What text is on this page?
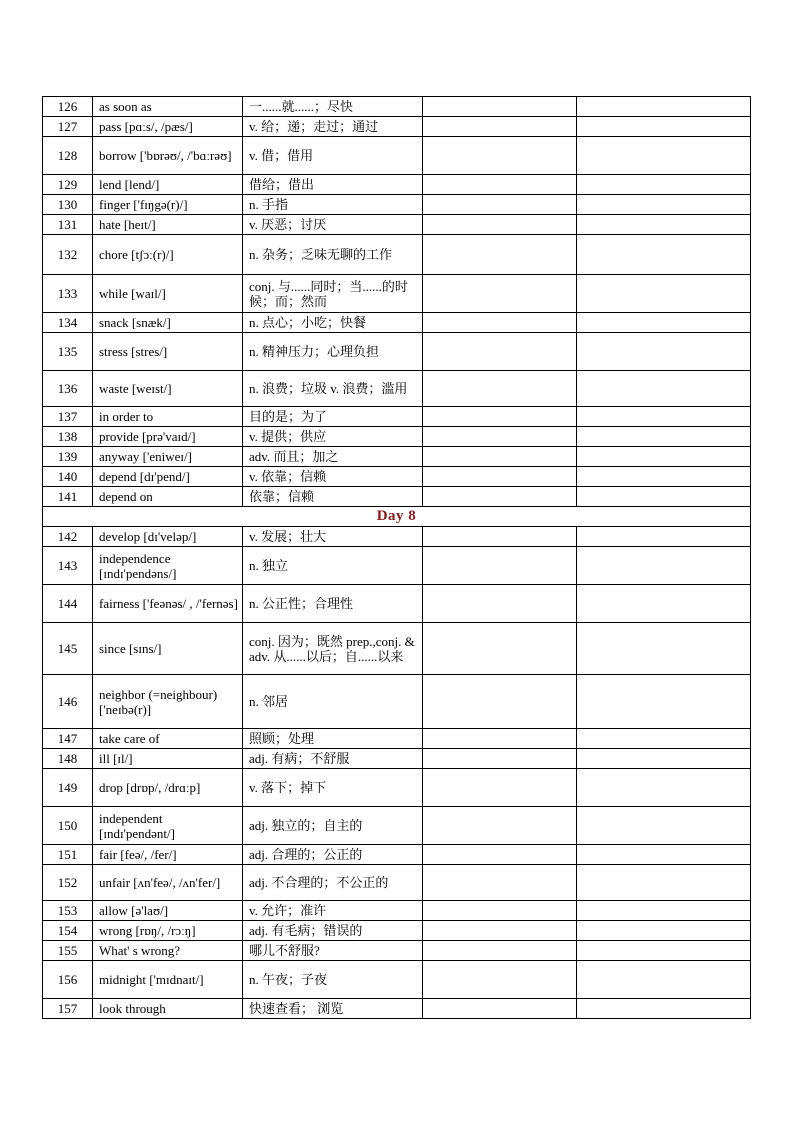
126	as soon as	一......就......；尽快		
127	pass [pɑːs/, /pæs/]	v. 给；递；走过；通过		
128	borrow ['bɒrəʊ/, /'bɑːrəʊ]	v. 借；借用		
129	lend [lend/]	借给；借出		
130	finger ['fɪŋgə(r)/]	n. 手指		
131	hate [heɪt/]	v. 厌恶；讨厌		
132	chore [tʃɔː(r)/]	n. 杂务；乏味无聊的工作		
133	while [waɪl/]	conj. 与......同时；当......的时候；而；然而		
134	snack [snæk/]	n. 点心；小吃；快餐		
135	stress [stres/]	n. 精神压力；心理负担		
136	waste [weɪst/]	n. 浪费；垃圾 v. 浪费；滥用		
137	in order to	目的是；为了		
138	provide [prə'vaɪd/]	v. 提供；供应		
139	anyway ['eniweɪ/]	adv. 而且；加之		
140	depend [dɪ'pend/]	v. 依靠；信赖		
141	depend on	依靠；信赖		
Day 8				
142	develop [dɪ'veləp/]	v. 发展；壮大		
143	independence [ɪndɪ'pendəns/]	n. 独立		
144	fairness ['feənəs/ , /'fernəs]	n. 公正性；合理性		
145	since [sɪns/]	conj. 因为；既然 prep.,conj. & adv. 从......以后；自......以来		
146	neighbor (=neighbour) ['neɪbə(r)]	n. 邻居		
147	take care of	照顾；处理		
148	ill [ɪl/]	adj. 有病；不舒服		
149	drop [drɒp/, /drɑːp]	v. 落下；掉下		
150	independent [ɪndɪ'pendənt/]	adj. 独立的；自主的		
151	fair [feə/, /fer/]	adj. 合理的；公正的		
152	unfair [ʌn'feə/, /ʌn'fer/]	adj. 不合理的；不公正的		
153	allow [ə'laʊ/]	v. 允许；准许		
154	wrong [rɒŋ/, /rɔːŋ]	adj. 有毛病；错误的		
155	What' s wrong?	哪儿不舒服?		
156	midnight ['mɪdnaɪt/]	n. 午夜；子夜		
157	look through	快速查看； 浏览		
